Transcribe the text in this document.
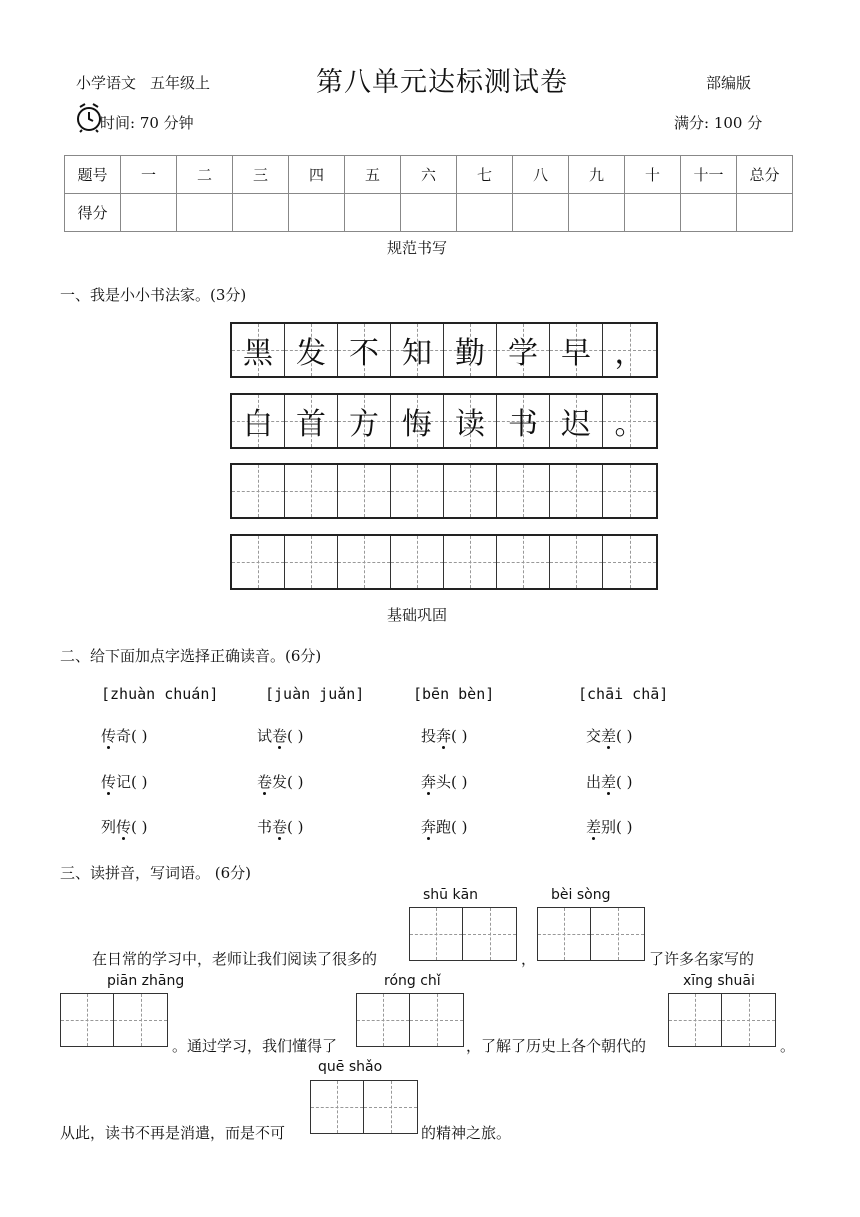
小学语文 五年级上	第八单元达标测试卷	部编版
时间: 70 分钟	满分: 100 分
题号	一	二	三	四	五	六	七	八	九	十	十一	总分
得分												
规范书写
一、我是小小书法家。(3分)
黑 发 不 知 勤 学 早 ，
白 首 方 悔 读 书 迟 。
基础巩固
二、给下面加点字选择正确读音。(6分)
[zhuàn chuán]	[juàn juǎn]	[bēn bèn]	[chāi chā]
传奇( )	试卷( )	投奔( )	交差( )
传记( )	卷发( )	奔头( )	出差( )
列传( )	书卷( )	奔跑( )	差别( )
三、读拼音，写词语。 (6分)
shū kān	bèi sòng
在日常的学习中，老师让我们阅读了很多的	，	了许多名家写的
piān zhāng	róng chǐ	xīng shuāi
。通过学习，我们懂得了	，了解了历史上各个朝代的	。
quē shǎo
从此，读书不再是消遣，而是不可	的精神之旅。
